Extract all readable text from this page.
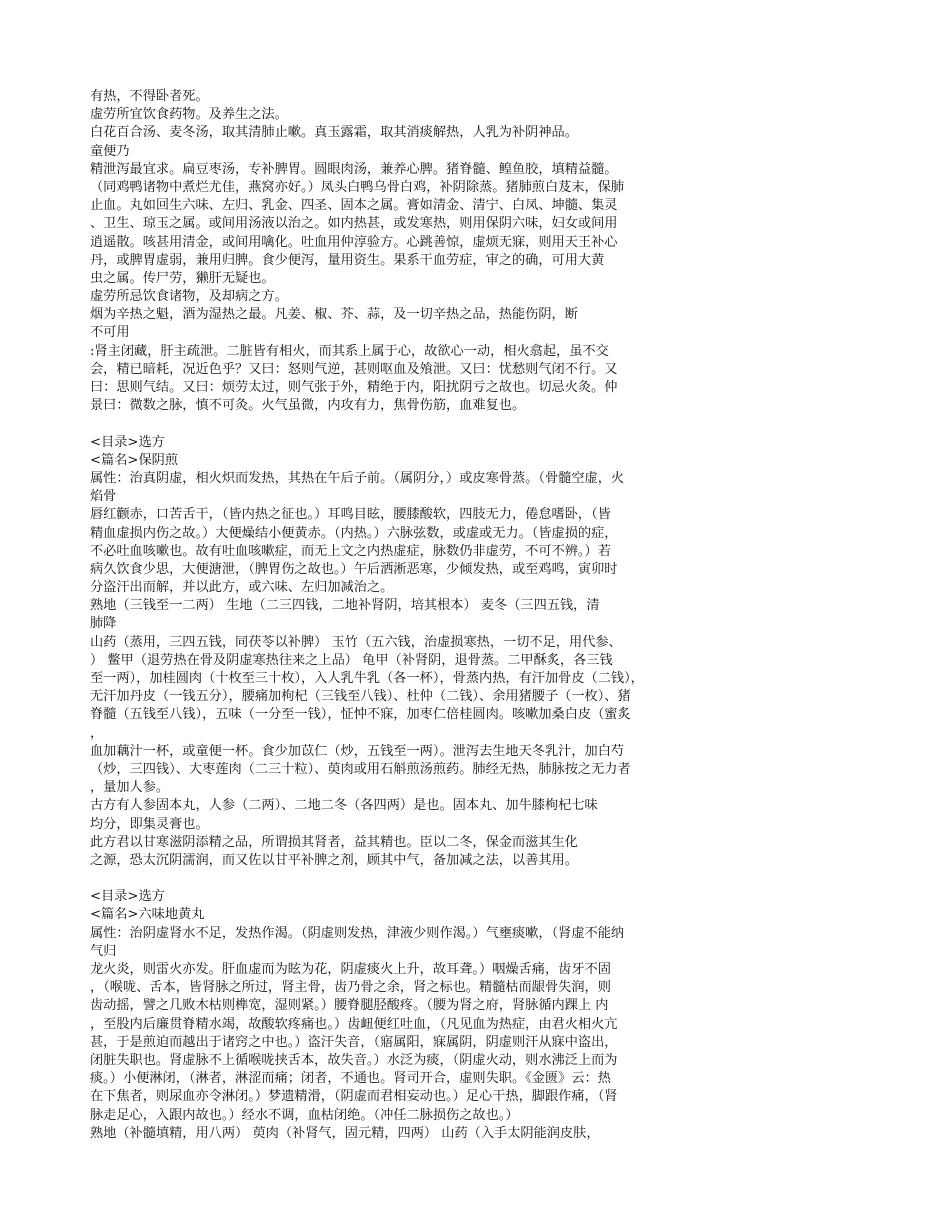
有热，不得卧者死。
虚劳所宜饮食药物。及养生之法。
白花百合汤、麦冬汤，取其清肺止嗽。真玉露霜，取其消痰解热，人乳为补阴神品。
童便乃
精泄泻最宜求。扁豆枣汤，专补脾胃。圆眼肉汤，兼养心脾。猪脊髓、鳇鱼胶，填精益髓。
（同鸡鸭诸物中煮烂尤佳，燕窝亦好。）凤头白鸭乌骨白鸡，补阴除蒸。猪肺煎白芨末，保肺
止血。丸如回生六味、左归、乳金、四圣、固本之属。膏如清金、清宁、白凤、坤髓、集灵
、卫生、琼玉之属。或间用汤液以治之。如内热甚，或发寒热，则用保阴六味，妇女或间用
逍遥散。咳甚用清金，或间用噙化。吐血用仲淳验方。心跳善惊，虚烦无寐，则用天王补心
丹，或脾胃虚弱，兼用归脾。食少便泻，量用资生。果系干血劳症，审之的确，可用大黄
虫之属。传尸劳，獭肝无疑也。
虚劳所忌饮食诸物，及却病之方。
烟为辛热之魁，酒为湿热之最。凡姜、椒、芥、蒜，及一切辛热之品，热能伤阴，断
不可用
:肾主闭藏，肝主疏泄。二脏皆有相火，而其系上属于心，故欲心一动，相火翕起，虽不交
会，精已暗耗，况近色乎？又曰：怒则气逆，甚则呕血及飧泄。又曰：忧愁则气闭不行。又
曰：思则气结。又曰：烦劳太过，则气张于外，精绝于内，阳扰阴亏之故也。切忌火灸。仲
景曰：微数之脉，慎不可灸。火气虽微，内攻有力，焦骨伤筋，血难复也。
<目录>选方
<篇名>保阴煎
属性：治真阴虚，相火炽而发热，其热在午后子前。（属阴分，）或皮寒骨蒸。（骨髓空虚，火
焰骨
唇红颧赤，口苦舌干，（皆内热之征也。）耳鸣目眩，腰膝酸软，四肢无力，倦怠嗜卧，（皆
精血虚损内伤之故。）大便燥结小便黄赤。（内热。）六脉弦数，或虚或无力。（皆虚损的症，
不必吐血咳嗽也。故有吐血咳嗽症，而无上文之内热虚症，脉数仍非虚劳，不可不辨。）若
病久饮食少思，大便溏泄，（脾胃伤之故也。）午后洒淅恶寒，少倾发热，或至鸡鸣，寅卯时
分盗汗出而解，并以此方，或六味、左归加减治之。
熟地（三钱至一二两） 生地（二三四钱，二地补肾阴，培其根本） 麦冬（三四五钱，清
肺降
山药（蒸用，三四五钱，同茯苓以补脾） 玉竹（五六钱，治虚损寒热，一切不足，用代参、
） 鳖甲（退劳热在骨及阴虚寒热往来之上品） 龟甲（补肾阴，退骨蒸。二甲酥炙，各三钱
至一两），加桂圆肉（十枚至三十枚），入人乳牛乳（各一杯），骨蒸内热，有汗加骨皮（二钱），
无汗加丹皮（一钱五分），腰痛加枸杞（三钱至八钱）、杜仲（二钱）、余用猪腰子（一枚）、猪
脊髓（五钱至八钱），五味（一分至一钱），怔忡不寐，加枣仁倍桂圆肉。咳嗽加桑白皮（蜜炙
，
血加藕汁一杯，或童便一杯。食少加苡仁（炒，五钱至一两）。泄泻去生地天冬乳汁，加白芍
（炒，三四钱）、大枣莲肉（二三十粒）、萸肉或用石斛煎汤煎药。肺经无热，肺脉按之无力者
，量加人参。
古方有人参固本丸，人参（二两）、二地二冬（各四两）是也。固本丸、加牛膝枸杞七味
均分，即集灵膏也。
此方君以甘寒滋阴添精之品，所谓损其肾者，益其精也。臣以二冬，保金而滋其生化
之源，恐太沉阴濡润，而又佐以甘平补脾之剂，顾其中气，备加减之法，以善其用。
<目录>选方
<篇名>六味地黄丸
属性：治阴虚肾水不足，发热作渴。（阴虚则发热，津液少则作渴。）气壅痰嗽，（肾虚不能纳
气归
龙火炎，则雷火亦发。肝血虚而为眩为花，阴虚痰火上升，故耳聋。）咽燥舌痛，齿牙不固
，（喉咙、舌本，皆肾脉之所过，肾主骨，齿乃骨之余，肾之标也。精髓枯而龈骨失润，则
齿动摇，譬之几败木枯则榫宽，湿则紧。）腰脊腿胫酸疼。（腰为肾之府，肾脉循内踝上 内
，至股内后廉贯脊精水竭，故酸软疼痛也。）齿衄便红吐血，（凡见血为热症，由君火相火亢
甚，于是煎迫而越出于诸窍之中也。）盗汗失音，（寤属阳，寐属阴，阴虚则汗从寐中盗出，
闭脏失职也。肾虚脉不上循喉咙挟舌本，故失音。）水泛为痰，（阴虚火动，则水沸泛上而为
痰。）小便淋闭，（淋者，淋涩而痛；闭者，不通也。肾司开合，虚则失职。《金匮》云：热
在下焦者，则尿血亦令淋闭。）梦遗精滑，（阴虚而君相妄动也。）足心干热，脚跟作痛，（肾
脉走足心，入跟内故也。）经水不调，血枯闭绝。（冲任二脉损伤之故也。）
熟地（补髓填精，用八两） 萸肉（补肾气，固元精，四两） 山药（入手太阴能润皮肤，
